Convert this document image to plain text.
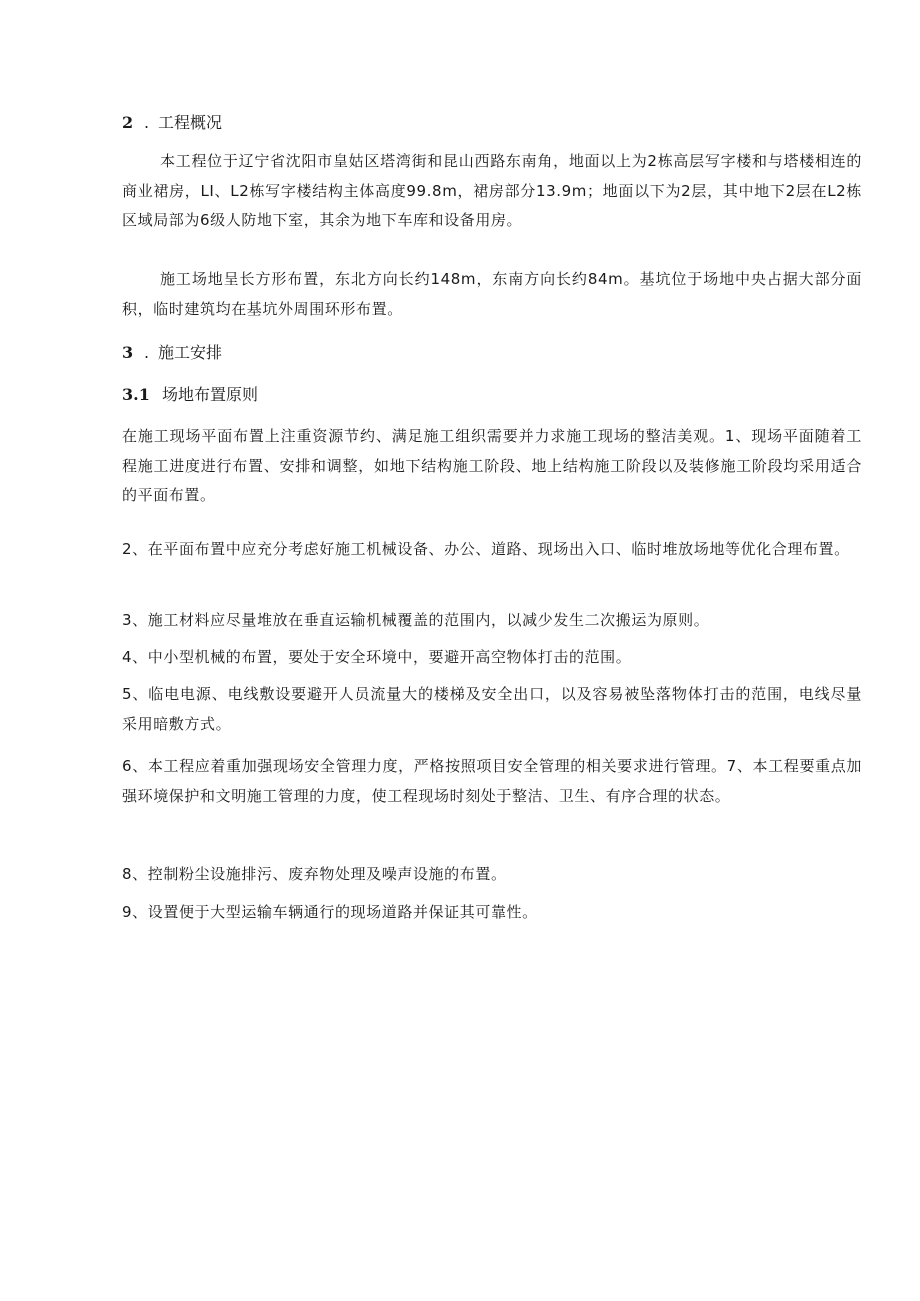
2 . 工程概况

本工程位于辽宁省沈阳市皇姑区塔湾街和昆山西路东南角，地面以上为2栋高层写字楼和与塔楼相连的商业裙房，LI、L2栋写字楼结构主体高度99.8m，裙房部分13.9m；地面以下为2层，其中地下2层在L2栋区域局部为6级人防地下室，其余为地下车库和设备用房。

施工场地呈长方形布置，东北方向长约148m，东南方向长约84m。基坑位于场地中央占据大部分面积，临时建筑均在基坑外周围环形布置。

3 . 施工安排
3.1 场地布置原则

在施工现场平面布置上注重资源节约、满足施工组织需要并力求施工现场的整洁美观。1、现场平面随着工程施工进度进行布置、安排和调整，如地下结构施工阶段、地上结构施工阶段以及装修施工阶段均采用适合的平面布置。

2、在平面布置中应充分考虑好施工机械设备、办公、道路、现场出入口、临时堆放场地等优化合理布置。

3、施工材料应尽量堆放在垂直运输机械覆盖的范围内，以减少发生二次搬运为原则。

4、中小型机械的布置，要处于安全环境中，要避开高空物体打击的范围。

5、临电电源、电线敷设要避开人员流量大的楼梯及安全出口，以及容易被坠落物体打击的范围，电线尽量采用暗敷方式。

6、本工程应着重加强现场安全管理力度，严格按照项目安全管理的相关要求进行管理。7、本工程要重点加强环境保护和文明施工管理的力度，使工程现场时刻处于整洁、卫生、有序合理的状态。

8、控制粉尘设施排污、废弃物处理及噪声设施的布置。

9、设置便于大型运输车辆通行的现场道路并保证其可靠性。
